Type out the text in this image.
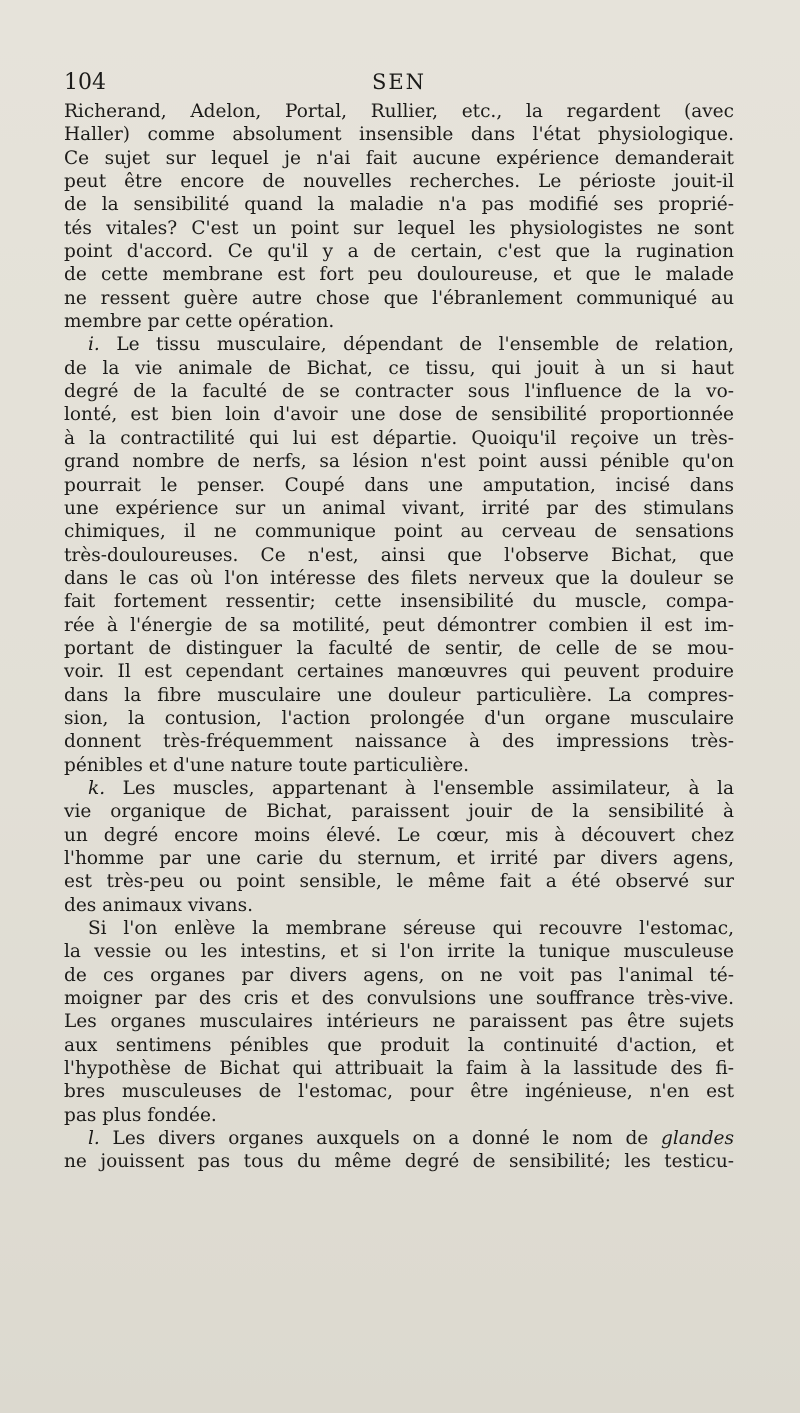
104	SEN
Richerand, Adelon, Portal, Rullier, etc., la regardent (avec
Haller) comme absolument insensible dans l'état physiologique.
Ce sujet sur lequel je n'ai fait aucune expérience demanderait
peut être encore de nouvelles recherches. Le périoste jouit-il
de la sensibilité quand la maladie n'a pas modifié ses proprié-
tés vitales? C'est un point sur lequel les physiologistes ne sont
point d'accord. Ce qu'il y a de certain, c'est que la rugination
de cette membrane est fort peu douloureuse, et que le malade
ne ressent guère autre chose que l'ébranlement communiqué au
membre par cette opération.
i. Le tissu musculaire, dépendant de l'ensemble de relation,
de la vie animale de Bichat, ce tissu, qui jouit à un si haut
degré de la faculté de se contracter sous l'influence de la vo-
lonté, est bien loin d'avoir une dose de sensibilité proportionnée
à la contractilité qui lui est départie. Quoiqu'il reçoive un très-
grand nombre de nerfs, sa lésion n'est point aussi pénible qu'on
pourrait le penser. Coupé dans une amputation, incisé dans
une expérience sur un animal vivant, irrité par des stimulans
chimiques, il ne communique point au cerveau de sensations
très-douloureuses. Ce n'est, ainsi que l'observe Bichat, que
dans le cas où l'on intéresse des filets nerveux que la douleur se
fait fortement ressentir; cette insensibilité du muscle, compa-
rée à l'énergie de sa motilité, peut démontrer combien il est im-
portant de distinguer la faculté de sentir, de celle de se mou-
voir. Il est cependant certaines manœuvres qui peuvent produire
dans la fibre musculaire une douleur particulière. La compres-
sion, la contusion, l'action prolongée d'un organe musculaire
donnent très-fréquemment naissance à des impressions très-
pénibles et d'une nature toute particulière.
k. Les muscles, appartenant à l'ensemble assimilateur, à la
vie organique de Bichat, paraissent jouir de la sensibilité à
un degré encore moins élevé. Le cœur, mis à découvert chez
l'homme par une carie du sternum, et irrité par divers agens,
est très-peu ou point sensible, le même fait a été observé sur
des animaux vivans.
Si l'on enlève la membrane séreuse qui recouvre l'estomac,
la vessie ou les intestins, et si l'on irrite la tunique musculeuse
de ces organes par divers agens, on ne voit pas l'animal té-
moigner par des cris et des convulsions une souffrance très-vive.
Les organes musculaires intérieurs ne paraissent pas être sujets
aux sentimens pénibles que produit la continuité d'action, et
l'hypothèse de Bichat qui attribuait la faim à la lassitude des fi-
bres musculeuses de l'estomac, pour être ingénieuse, n'en est
pas plus fondée.
l. Les divers organes auxquels on a donné le nom de glandes
ne jouissent pas tous du même degré de sensibilité; les testicu-
